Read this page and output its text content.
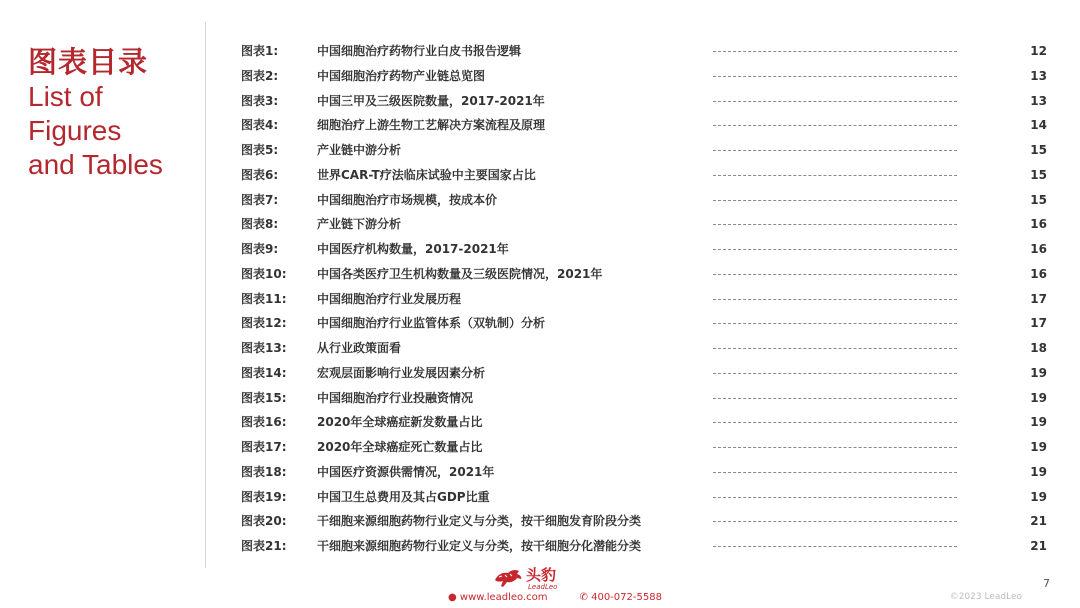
图表目录
List of
Figures
and Tables
图表1:	中国细胞治疗药物行业白皮书报告逻辑	12
图表2:	中国细胞治疗药物产业链总览图	13
图表3:	中国三甲及三级医院数量，2017-2021年	13
图表4:	细胞治疗上游生物工艺解决方案流程及原理	14
图表5:	产业链中游分析	15
图表6:	世界CAR-T疗法临床试验中主要国家占比	15
图表7:	中国细胞治疗市场规模，按成本价	15
图表8:	产业链下游分析	16
图表9:	中国医疗机构数量，2017-2021年	16
图表10:	中国各类医疗卫生机构数量及三级医院情况，2021年	16
图表11:	中国细胞治疗行业发展历程	17
图表12:	中国细胞治疗行业监管体系（双轨制）分析	17
图表13:	从行业政策面看	18
图表14:	宏观层面影响行业发展因素分析	19
图表15:	中国细胞治疗行业投融资情况	19
图表16:	2020年全球癌症新发数量占比	19
图表17:	2020年全球癌症死亡数量占比	19
图表18:	中国医疗资源供需情况，2021年	19
图表19:	中国卫生总费用及其占GDP比重	19
图表20:	干细胞来源细胞药物行业定义与分类，按干细胞发育阶段分类	21
图表21:	干细胞来源细胞药物行业定义与分类，按干细胞分化潜能分类	21
头豹
LeadLeo
● www.leadleo.com	✆ 400-072-5588
7
©2023 LeadLeo
